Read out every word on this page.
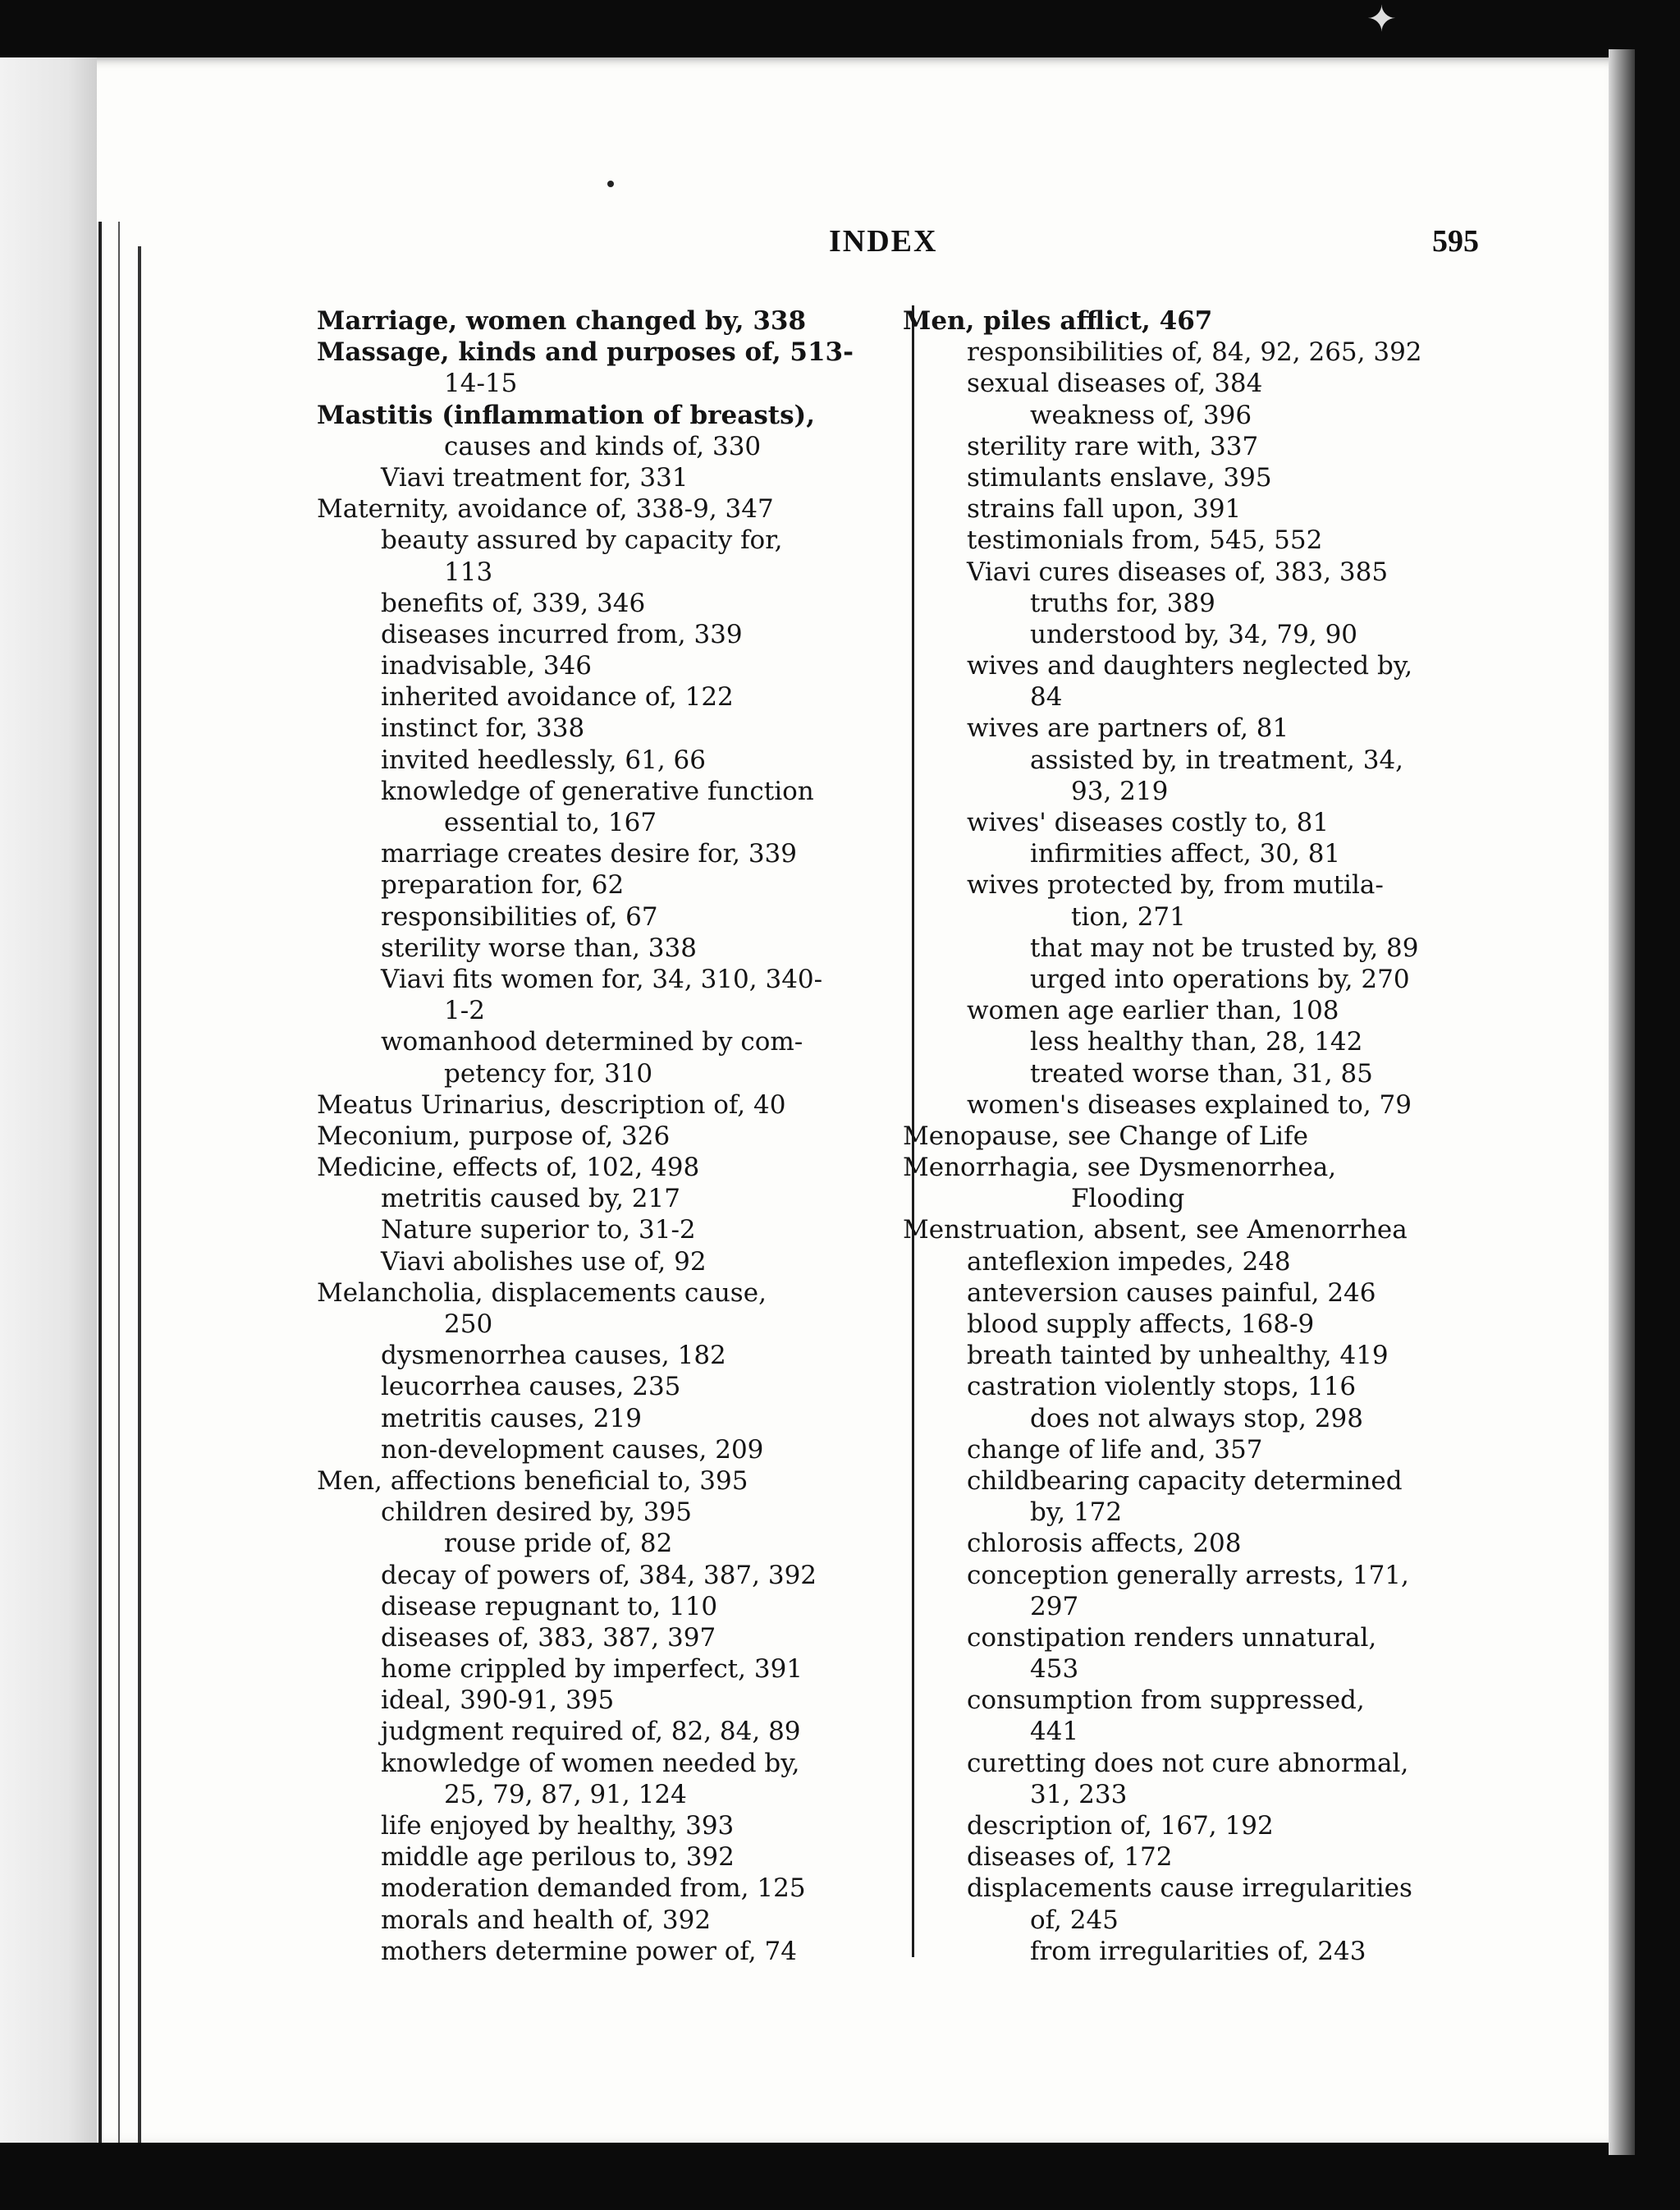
✦
INDEX	595
Marriage, women changed by, 338
Massage, kinds and purposes of, 513-
14-15
Mastitis (inflammation of breasts),
causes and kinds of, 330
Viavi treatment for, 331
Maternity, avoidance of, 338-9, 347
beauty assured by capacity for,
113
benefits of, 339, 346
diseases incurred from, 339
inadvisable, 346
inherited avoidance of, 122
instinct for, 338
invited heedlessly, 61, 66
knowledge of generative function
essential to, 167
marriage creates desire for, 339
preparation for, 62
responsibilities of, 67
sterility worse than, 338
Viavi fits women for, 34, 310, 340-
1-2
womanhood determined by com-
petency for, 310
Meatus Urinarius, description of, 40
Meconium, purpose of, 326
Medicine, effects of, 102, 498
metritis caused by, 217
Nature superior to, 31-2
Viavi abolishes use of, 92
Melancholia, displacements cause,
250
dysmenorrhea causes, 182
leucorrhea causes, 235
metritis causes, 219
non-development causes, 209
Men, affections beneficial to, 395
children desired by, 395
rouse pride of, 82
decay of powers of, 384, 387, 392
disease repugnant to, 110
diseases of, 383, 387, 397
home crippled by imperfect, 391
ideal, 390-91, 395
judgment required of, 82, 84, 89
knowledge of women needed by,
25, 79, 87, 91, 124
life enjoyed by healthy, 393
middle age perilous to, 392
moderation demanded from, 125
morals and health of, 392
mothers determine power of, 74
Men, piles afflict, 467
responsibilities of, 84, 92, 265, 392
sexual diseases of, 384
weakness of, 396
sterility rare with, 337
stimulants enslave, 395
strains fall upon, 391
testimonials from, 545, 552
Viavi cures diseases of, 383, 385
truths for, 389
understood by, 34, 79, 90
wives and daughters neglected by,
84
wives are partners of, 81
assisted by, in treatment, 34,
93, 219
wives' diseases costly to, 81
infirmities affect, 30, 81
wives protected by, from mutila-
tion, 271
that may not be trusted by, 89
urged into operations by, 270
women age earlier than, 108
less healthy than, 28, 142
treated worse than, 31, 85
women's diseases explained to, 79
Menopause, see Change of Life
Menorrhagia, see Dysmenorrhea,
Flooding
Menstruation, absent, see Amenorrhea
anteflexion impedes, 248
anteversion causes painful, 246
blood supply affects, 168-9
breath tainted by unhealthy, 419
castration violently stops, 116
does not always stop, 298
change of life and, 357
childbearing capacity determined
by, 172
chlorosis affects, 208
conception generally arrests, 171,
297
constipation renders unnatural,
453
consumption from suppressed,
441
curetting does not cure abnormal,
31, 233
description of, 167, 192
diseases of, 172
displacements cause irregularities
of, 245
from irregularities of, 243
